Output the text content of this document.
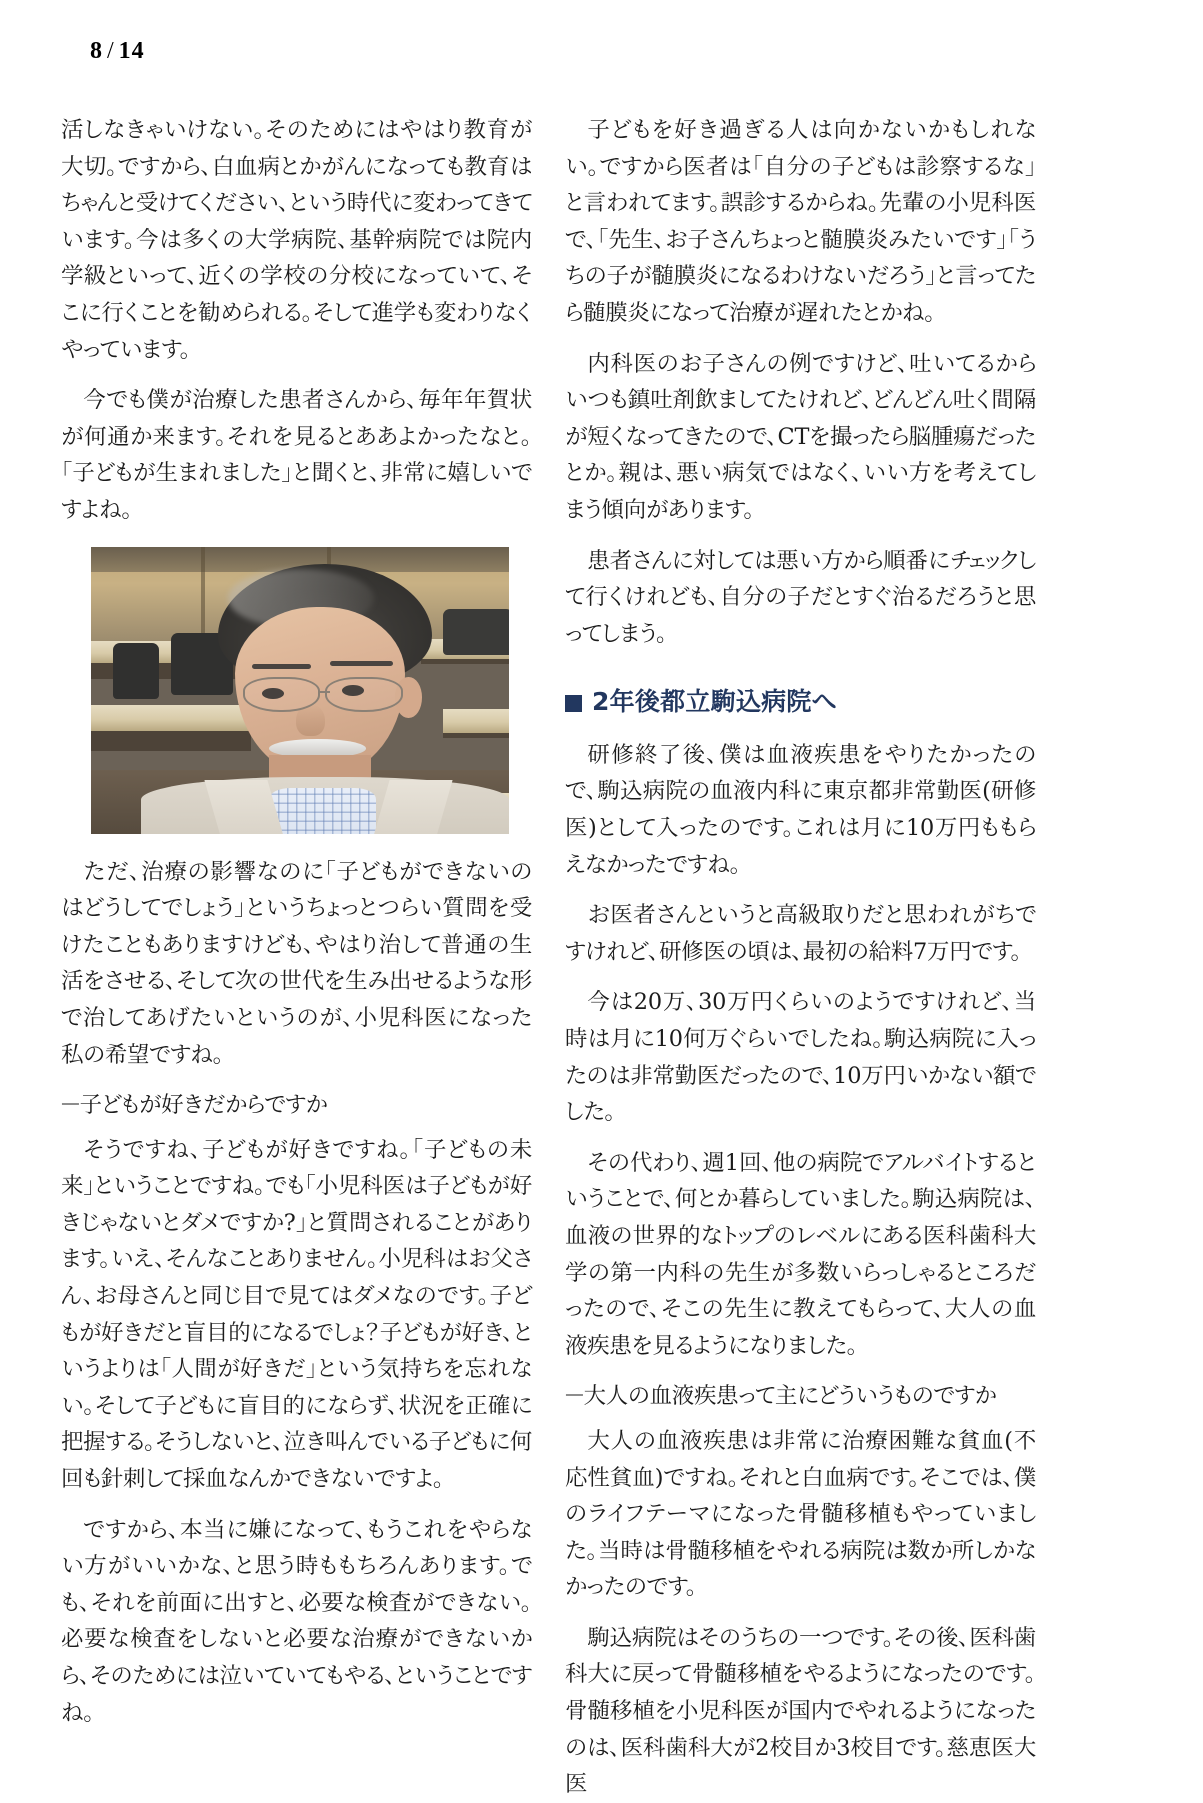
8 / 14

活しなきゃいけない。そのためにはやはり教育が大切。ですから、白血病とかがんになっても教育はちゃんと受けてください、という時代に変わってきています。今は多くの大学病院、基幹病院では院内学級といって、近くの学校の分校になっていて、そこに行くことを勧められる。そして進学も変わりなくやっています。

今でも僕が治療した患者さんから、毎年年賀状が何通か来ます。それを見るとああよかったなと。「子どもが生まれました」と聞くと、非常に嬉しいですよね。

ただ、治療の影響なのに「子どもができないのはどうしてでしょう」というちょっとつらい質問を受けたこともありますけども、やはり治して普通の生活をさせる、そして次の世代を生み出せるような形で治してあげたいというのが、小児科医になった私の希望ですね。

－子どもが好きだからですか

そうですね、子どもが好きですね。「子どもの未来」ということですね。でも「小児科医は子どもが好きじゃないとダメですか?」と質問されることがあります。いえ、そんなことありません。小児科はお父さん、お母さんと同じ目で見てはダメなのです。子どもが好きだと盲目的になるでしょ？子どもが好き、というよりは「人間が好きだ」という気持ちを忘れない。そして子どもに盲目的にならず、状況を正確に把握する。そうしないと、泣き叫んでいる子どもに何回も針刺して採血なんかできないですよ。

ですから、本当に嫌になって、もうこれをやらない方がいいかな、と思う時ももちろんあります。でも、それを前面に出すと、必要な検査ができない。必要な検査をしないと必要な治療ができないから、そのためには泣いていてもやる、ということですね。

子どもを好き過ぎる人は向かないかもしれない。ですから医者は「自分の子どもは診察するな」と言われてます。誤診するからね。先輩の小児科医で、「先生、お子さんちょっと髄膜炎みたいです」「うちの子が髄膜炎になるわけないだろう」と言ってたら髄膜炎になって治療が遅れたとかね。

内科医のお子さんの例ですけど、吐いてるからいつも鎮吐剤飲ましてたけれど、どんどん吐く間隔が短くなってきたので、CTを撮ったら脳腫瘍だったとか。親は、悪い病気ではなく、いい方を考えてしまう傾向があります。

患者さんに対しては悪い方から順番にチェックして行くけれども、自分の子だとすぐ治るだろうと思ってしまう。

2年後都立駒込病院へ

研修終了後、僕は血液疾患をやりたかったので、駒込病院の血液内科に東京都非常勤医(研修医)として入ったのです。これは月に10万円ももらえなかったですね。

お医者さんというと高級取りだと思われがちですけれど、研修医の頃は、最初の給料7万円です。

今は20万、30万円くらいのようですけれど、当時は月に10何万ぐらいでしたね。駒込病院に入ったのは非常勤医だったので、10万円いかない額でした。

その代わり、週1回、他の病院でアルバイトするということで、何とか暮らしていました。駒込病院は、血液の世界的なトップのレベルにある医科歯科大学の第一内科の先生が多数いらっしゃるところだったので、そこの先生に教えてもらって、大人の血液疾患を見るようになりました。

－大人の血液疾患って主にどういうものですか

大人の血液疾患は非常に治療困難な貧血(不応性貧血)ですね。それと白血病です。そこでは、僕のライフテーマになった骨髄移植もやっていました。当時は骨髄移植をやれる病院は数か所しかなかったのです。

駒込病院はそのうちの一つです。その後、医科歯科大に戻って骨髄移植をやるようになったのです。骨髄移植を小児科医が国内でやれるようになったのは、医科歯科大が2校目か3校目です。慈恵医大医
